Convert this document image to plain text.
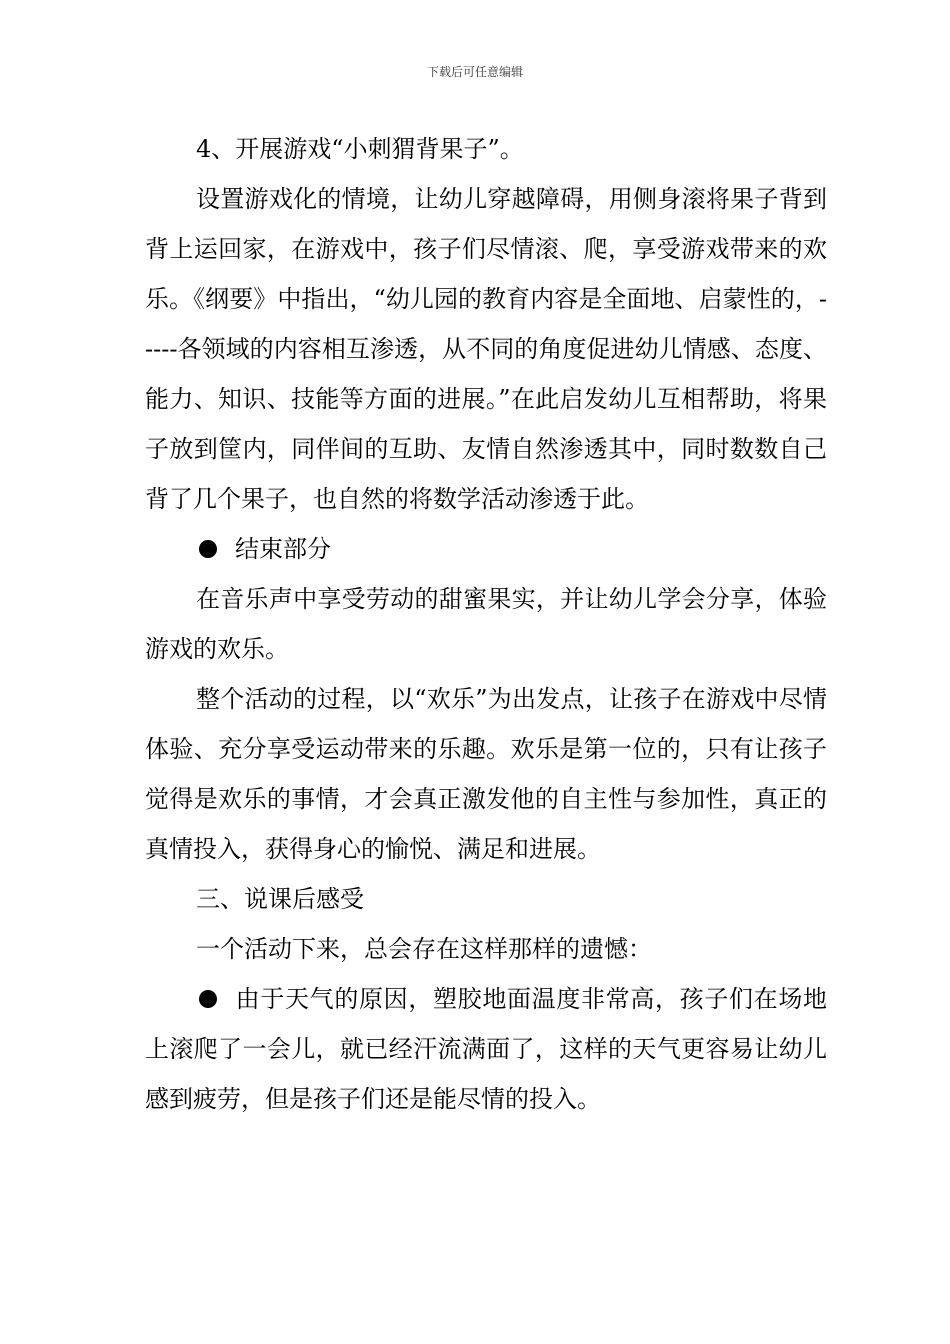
下载后可任意编辑

4、开展游戏“小刺猬背果子”。

设置游戏化的情境，让幼儿穿越障碍，用侧身滚将果子背到背上运回家，在游戏中，孩子们尽情滚、爬，享受游戏带来的欢乐。《纲要》中指出，“幼儿园的教育内容是全面地、启蒙性的，-----各领域的内容相互渗透，从不同的角度促进幼儿情感、态度、能力、知识、技能等方面的进展。”在此启发幼儿互相帮助，将果子放到筐内，同伴间的互助、友情自然渗透其中，同时数数自己背了几个果子，也自然的将数学活动渗透于此。

结束部分

在音乐声中享受劳动的甜蜜果实，并让幼儿学会分享，体验游戏的欢乐。

整个活动的过程，以“欢乐”为出发点，让孩子在游戏中尽情体验、充分享受运动带来的乐趣。欢乐是第一位的，只有让孩子觉得是欢乐的事情，才会真正激发他的自主性与参加性，真正的真情投入，获得身心的愉悦、满足和进展。

三、说课后感受

一个活动下来，总会存在这样那样的遗憾：

由于天气的原因，塑胶地面温度非常高，孩子们在场地上滚爬了一会儿，就已经汗流满面了，这样的天气更容易让幼儿感到疲劳，但是孩子们还是能尽情的投入。
